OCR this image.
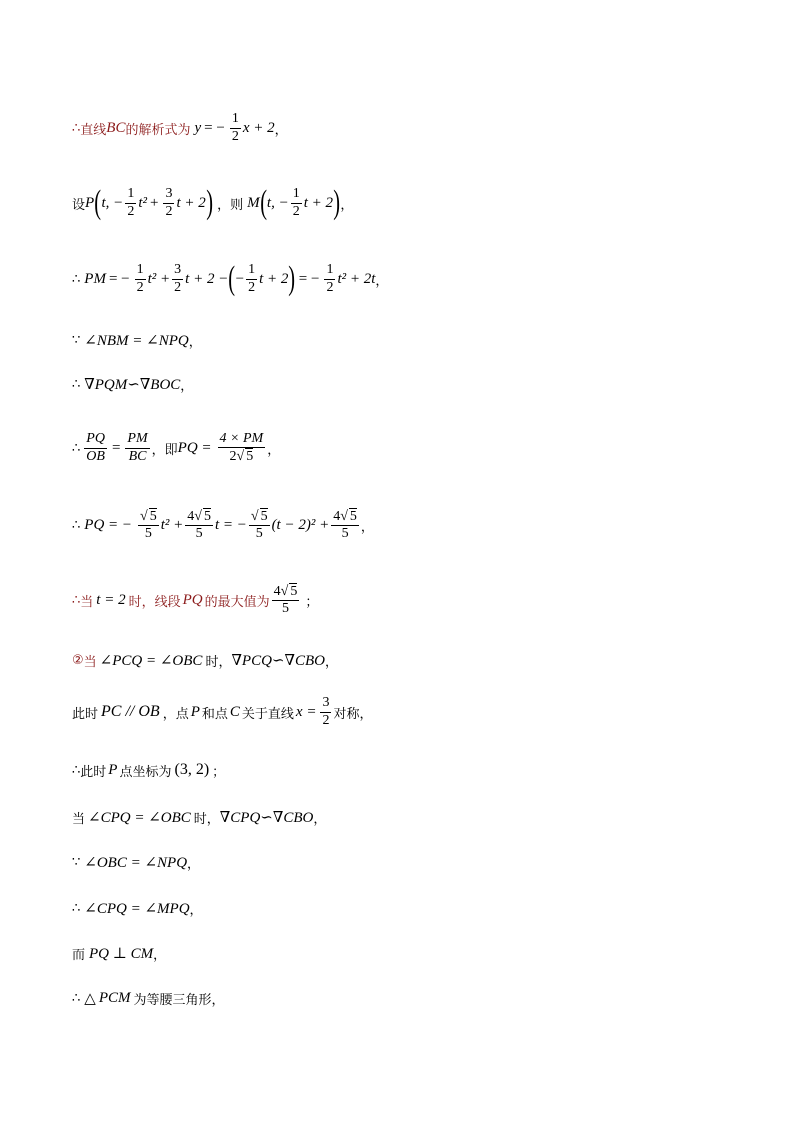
∴ 直线 BC 的解析式为 y = − $\frac{1}{2}$ x + 2 ，
设 P ( t, − $\frac{1}{2} t^2 + \frac{3}{2}$ t + 2 ) ，则 M ( t, − $\frac{1}{2}$ t + 2 ) ，
∴ PM = − $\frac{1}{2} t^2 + \frac{3}{2}$ t + 2 − ( − $\frac{1}{2}$ t + 2 ) = − $\frac{1}{2} t^2 + 2t$ ，
∵ ∠NBM = ∠NPQ ，
∴ ∇PQM∽∇BOC ，
∴ $\frac{PQ}{OB} = \frac{PM}{BC}$ ，即 PQ = $\frac{4 \times PM}{2√ 5}$ ，
∴ PQ = − $\frac{√ 5}{5} t^2 + \frac{4√ 5}{5}$ t = − $\frac{√ 5}{5} (t - 2)^2 + \frac{4√ 5}{5}$ ，
∴ 当 t = 2 时，线段 PQ 的最大值为 $\frac{4√ 5}{5}$ ；
② 当 ∠PCQ = ∠OBC 时， ∇PCQ∽∇CBO ，
此时 PC // OB ，点 P 和点 C 关于直线 $x = \frac{3}{2}$ 对称，
∴ 此时 P 点坐标为 (3, 2) ；
当 ∠CPQ = ∠OBC 时， ∇CPQ∽∇CBO ，
∵ ∠OBC = ∠NPQ ，
∴ ∠CPQ = ∠MPQ ，
而 PQ ⊥ CM ，
∴ △ PCM 为等腰三角形 ，
